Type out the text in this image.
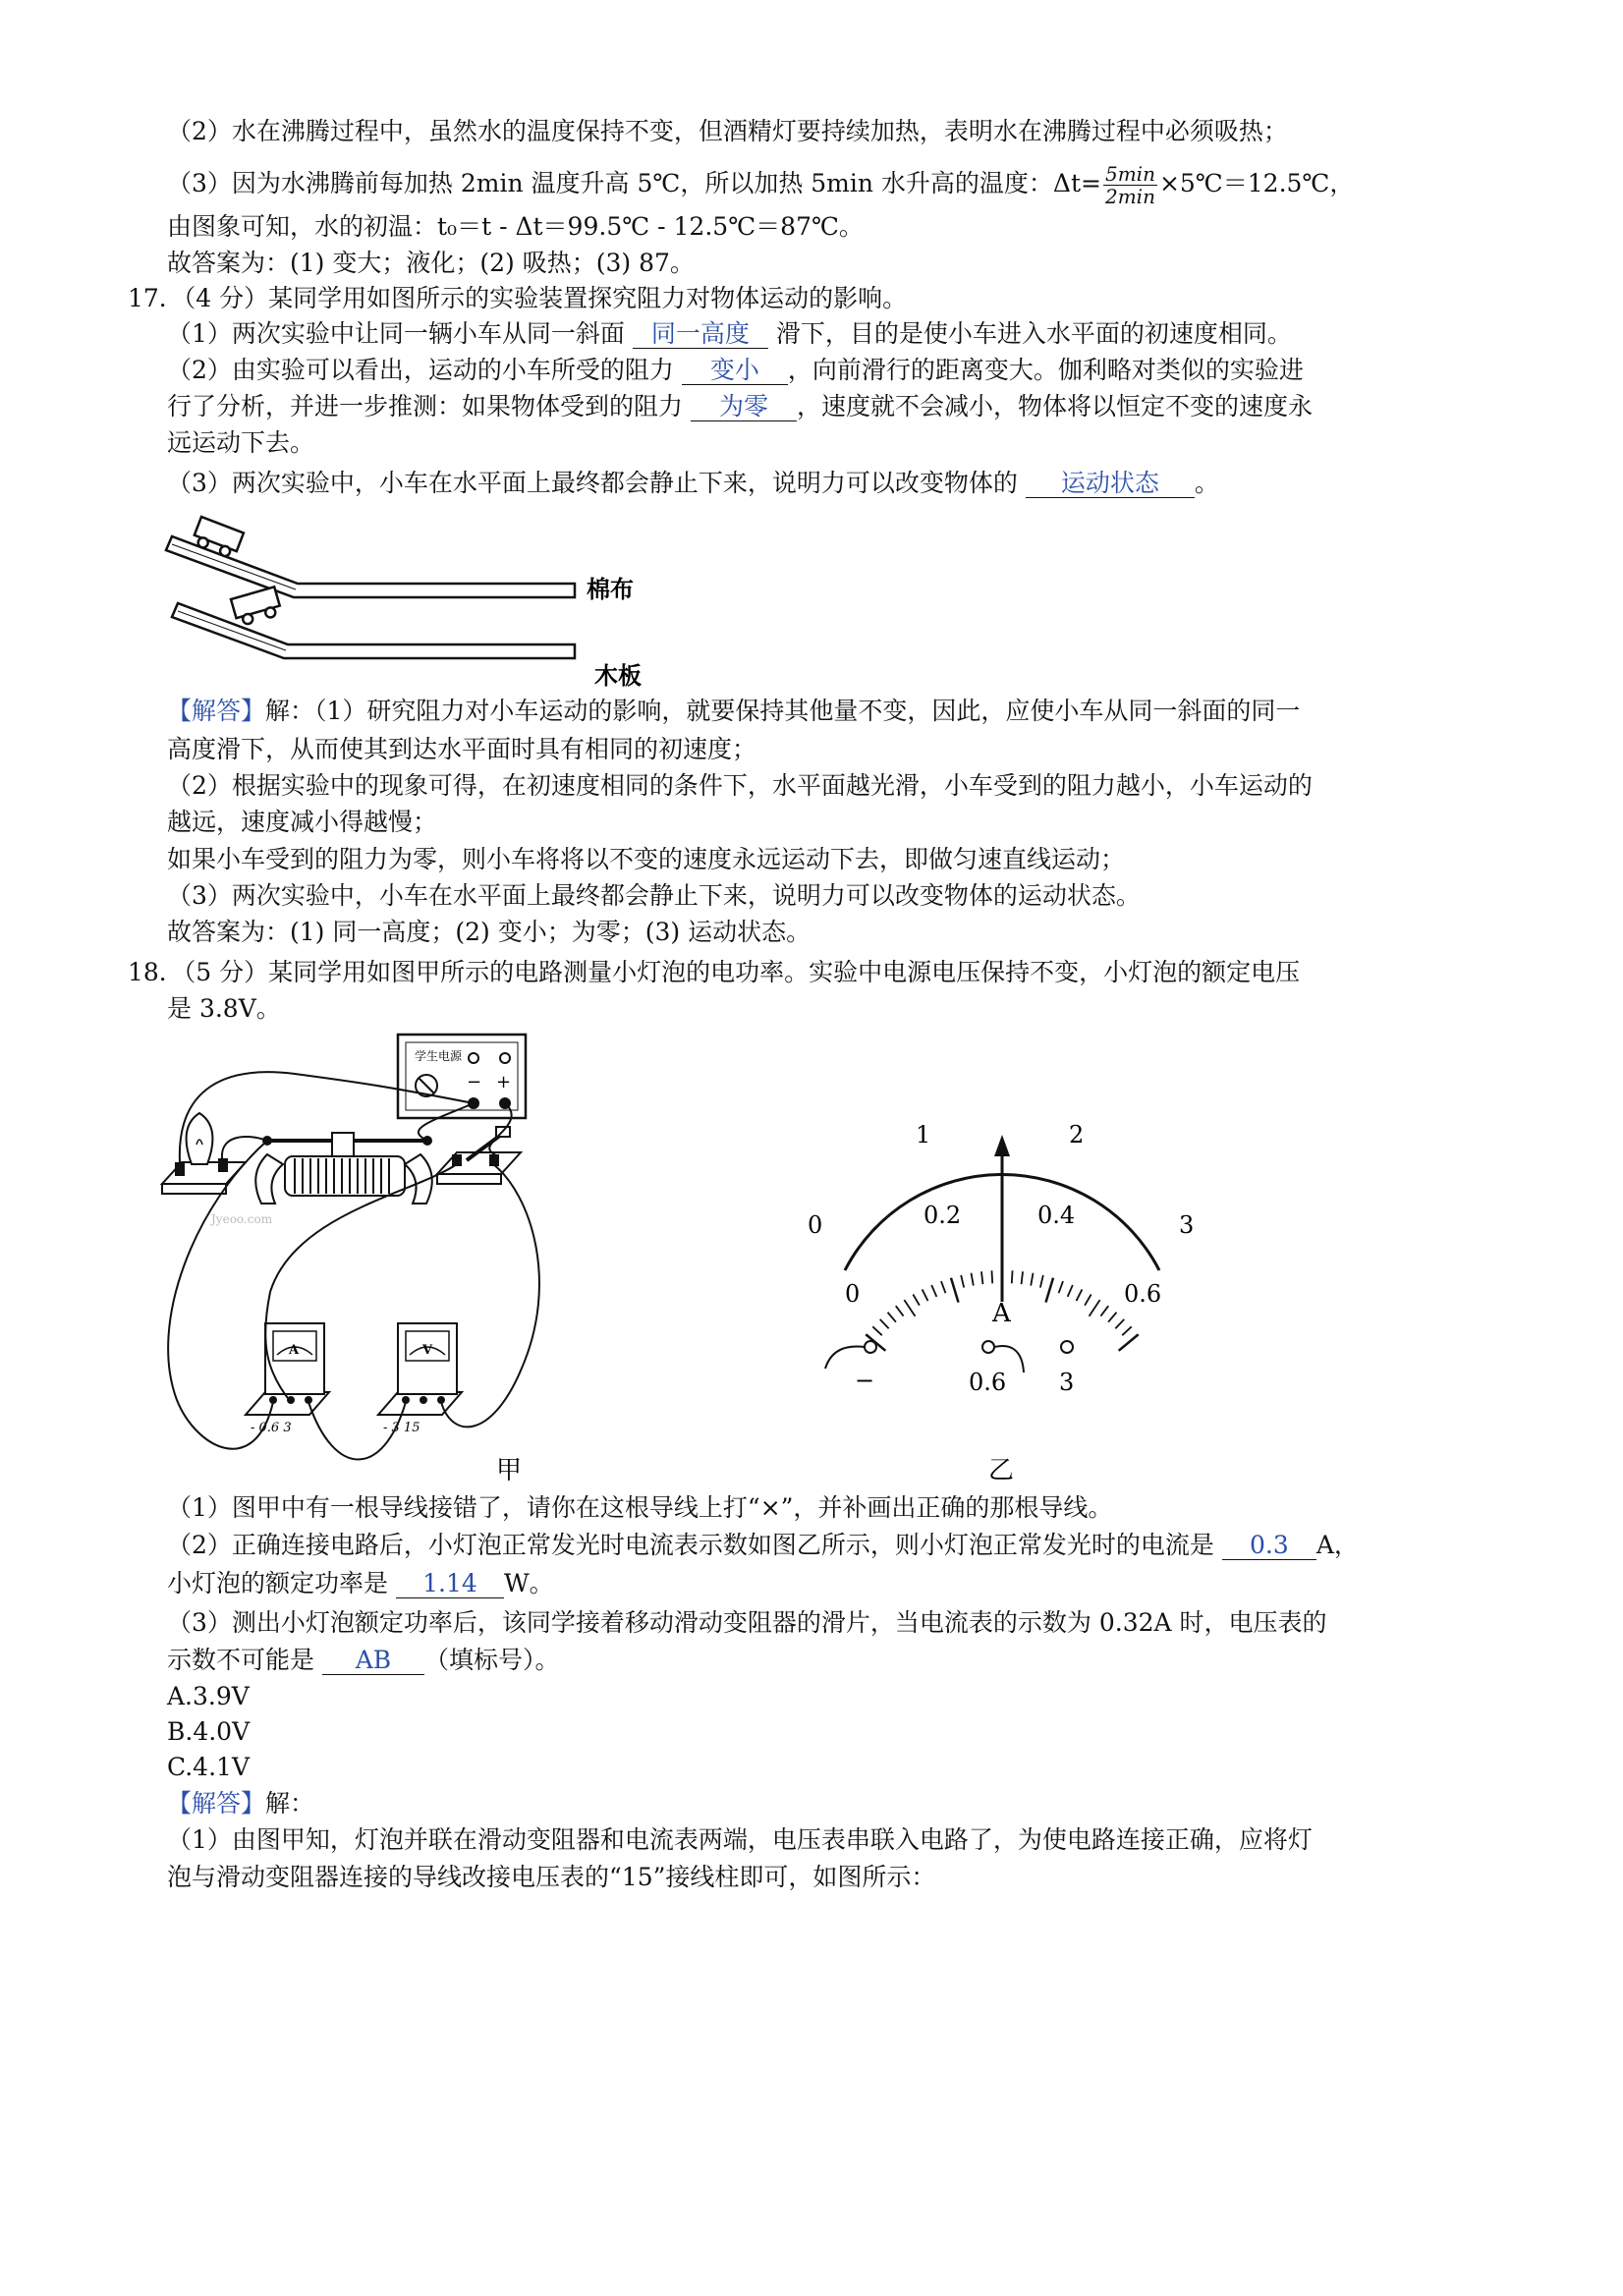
（2）水在沸腾过程中，虽然水的温度保持不变，但酒精灯要持续加热，表明水在沸腾过程中必须吸热；
（3）因为水沸腾前每加热 2min 温度升高 5℃，所以加热 5min 水升高的温度：$\Delta t= \frac{5\min}{2\min}$ ×5℃＝12.5℃，
由图象可知，水的初温：t₀＝t - Δt＝99.5℃ - 12.5℃＝87℃。
故答案为：(1) 变大；液化；(2) 吸热；(3) 87。
17．（4 分）某同学用如图所示的实验装置探究阻力对物体运动的影响。
（1）两次实验中让同一辆小车从同一斜面 同一高度 滑下，目的是使小车进入水平面的初速度相同。
（2）由实验可以看出，运动的小车所受的阻力 变小 ，向前滑行的距离变大。伽利略对类似的实验进
行了分析，并进一步推测：如果物体受到的阻力 为零 ，速度就不会减小，物体将以恒定不变的速度永
远运动下去。
（3）两次实验中，小车在水平面上最终都会静止下来，说明力可以改变物体的 运动状态 。
棉布
木板
【解答】解：（1）研究阻力对小车运动的影响，就要保持其他量不变，因此，应使小车从同一斜面的同一
高度滑下，从而使其到达水平面时具有相同的初速度；
（2）根据实验中的现象可得，在初速度相同的条件下，水平面越光滑，小车受到的阻力越小，小车运动的
越远，速度减小得越慢；
如果小车受到的阻力为零，则小车将将以不变的速度永远运动下去，即做匀速直线运动；
（3）两次实验中，小车在水平面上最终都会静止下来，说明力可以改变物体的运动状态。
故答案为：(1) 同一高度；(2) 变小；为零；(3) 运动状态。
18．（5 分）某同学用如图甲所示的电路测量小灯泡的电功率。实验中电源电压保持不变，小灯泡的额定电压
是 3.8V。
学生电源
− +
A
- 0.6 3
V
- 3 15
Jyeoo.com
甲
0
1	2
3
0
0.2	0.4
0.6
A
−	0.6 3
乙
（1）图甲中有一根导线接错了，请你在这根导线上打“×”，并补画出正确的那根导线。
（2）正确连接电路后，小灯泡正常发光时电流表示数如图乙所示，则小灯泡正常发光时的电流是 0.3 A，
小灯泡的额定功率是 1.14 W。
（3）测出小灯泡额定功率后，该同学接着移动滑动变阻器的滑片，当电流表的示数为 0.32A 时，电压表的
示数不可能是 AB （填标号）。
A.3.9V
B.4.0V
C.4.1V
【解答】解：
（1）由图甲知，灯泡并联在滑动变阻器和电流表两端，电压表串联入电路了，为使电路连接正确，应将灯
泡与滑动变阻器连接的导线改接电压表的“15”接线柱即可，如图所示：
